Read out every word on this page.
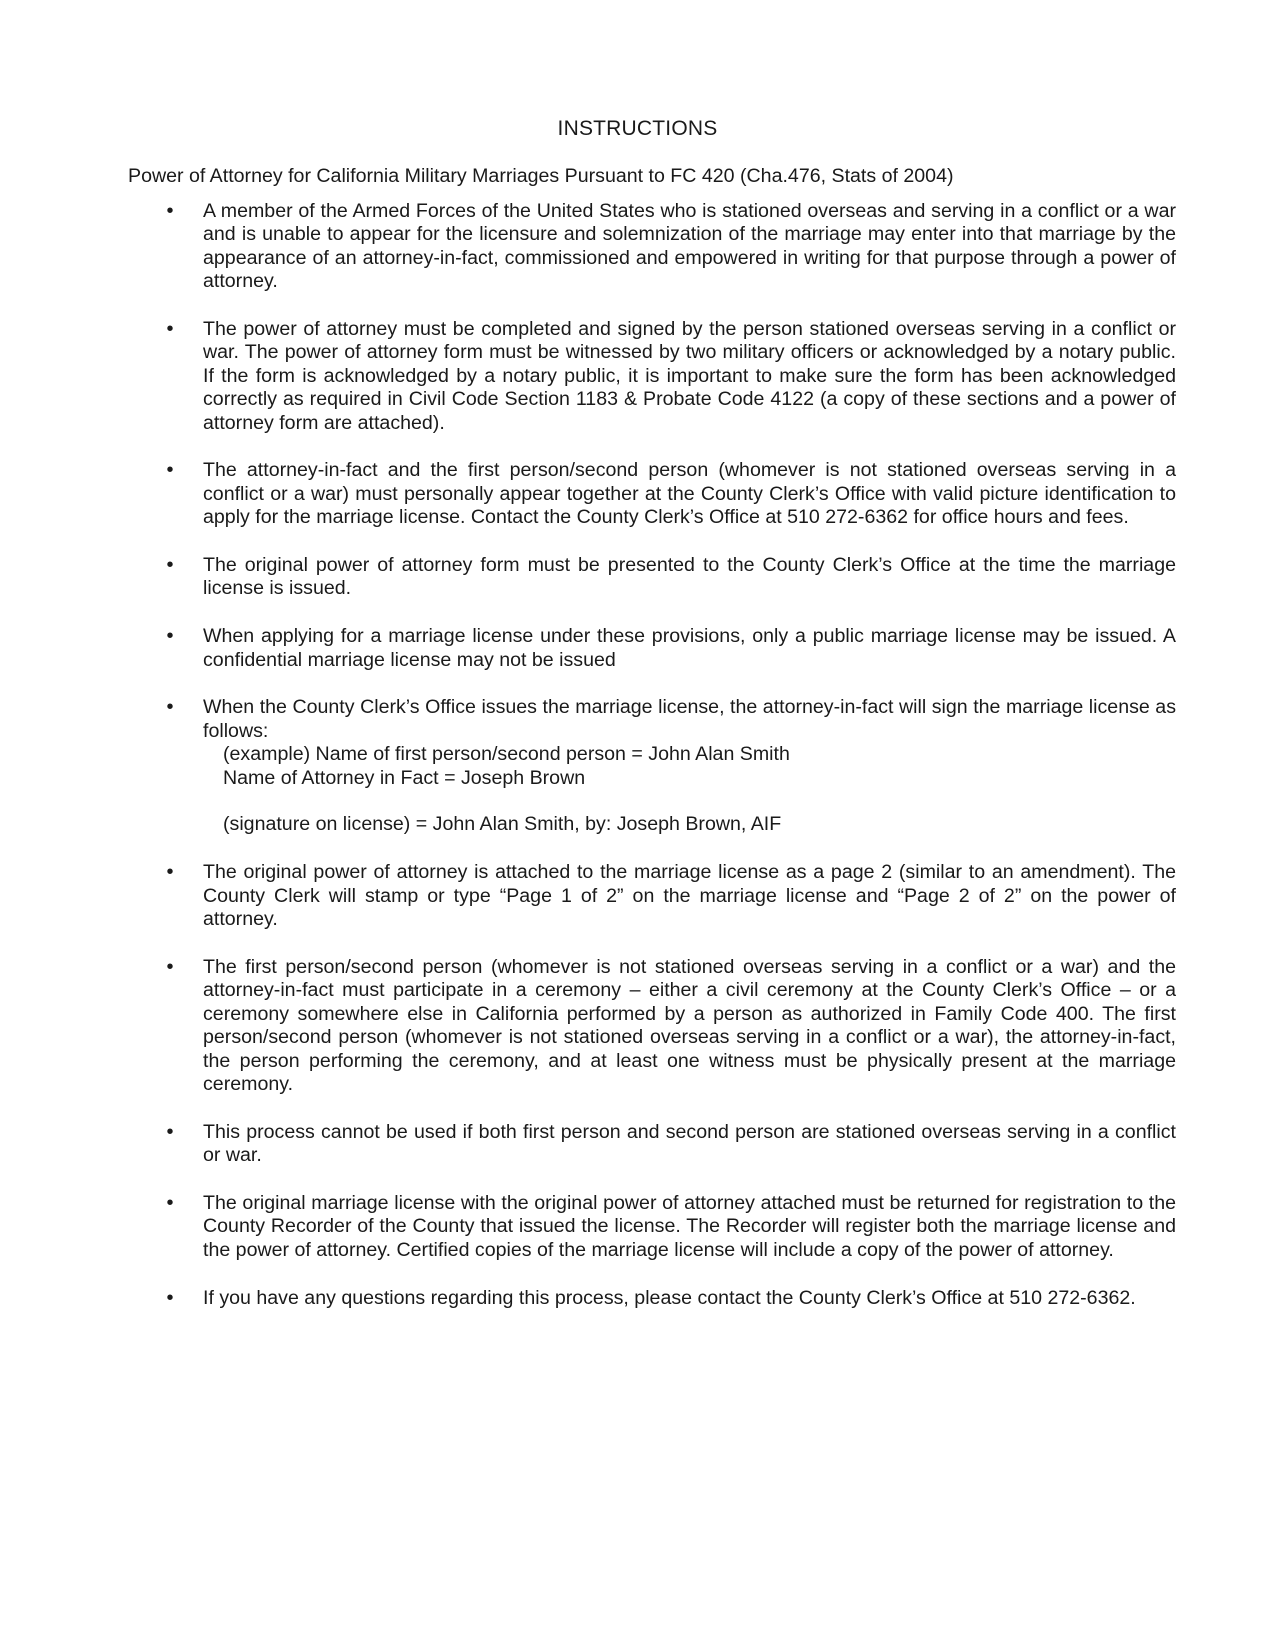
INSTRUCTIONS
Power of Attorney for California Military Marriages Pursuant to FC 420 (Cha.476, Stats of 2004)
• A member of the Armed Forces of the United States who is stationed overseas and serving in a conflict or a war and is unable to appear for the licensure and solemnization of the marriage may enter into that marriage by the appearance of an attorney-in-fact, commissioned and empowered in writing for that purpose through a power of attorney.
• The power of attorney must be completed and signed by the person stationed overseas serving in a conflict or war. The power of attorney form must be witnessed by two military officers or acknowledged by a notary public. If the form is acknowledged by a notary public, it is important to make sure the form has been acknowledged correctly as required in Civil Code Section 1183 & Probate Code 4122 (a copy of these sections and a power of attorney form are attached).
• The attorney-in-fact and the first person/second person (whomever is not stationed overseas serving in a conflict or a war) must personally appear together at the County Clerk’s Office with valid picture identification to apply for the marriage license. Contact the County Clerk’s Office at 510 272-6362 for office hours and fees.
• The original power of attorney form must be presented to the County Clerk’s Office at the time the marriage license is issued.
• When applying for a marriage license under these provisions, only a public marriage license may be issued. A confidential marriage license may not be issued
• When the County Clerk’s Office issues the marriage license, the attorney-in-fact will sign the marriage license as follows:
(example) Name of first person/second person = John Alan Smith
Name of Attorney in Fact = Joseph Brown
(signature on license) = John Alan Smith, by: Joseph Brown, AIF
• The original power of attorney is attached to the marriage license as a page 2 (similar to an amendment). The County Clerk will stamp or type “Page 1 of 2” on the marriage license and “Page 2 of 2” on the power of attorney.
• The first person/second person (whomever is not stationed overseas serving in a conflict or a war) and the attorney-in-fact must participate in a ceremony – either a civil ceremony at the County Clerk’s Office – or a ceremony somewhere else in California performed by a person as authorized in Family Code 400. The first person/second person (whomever is not stationed overseas serving in a conflict or a war), the attorney-in-fact, the person performing the ceremony, and at least one witness must be physically present at the marriage ceremony.
• This process cannot be used if both first person and second person are stationed overseas serving in a conflict or war.
• The original marriage license with the original power of attorney attached must be returned for registration to the County Recorder of the County that issued the license. The Recorder will register both the marriage license and the power of attorney. Certified copies of the marriage license will include a copy of the power of attorney.
• If you have any questions regarding this process, please contact the County Clerk’s Office at 510 272-6362.
